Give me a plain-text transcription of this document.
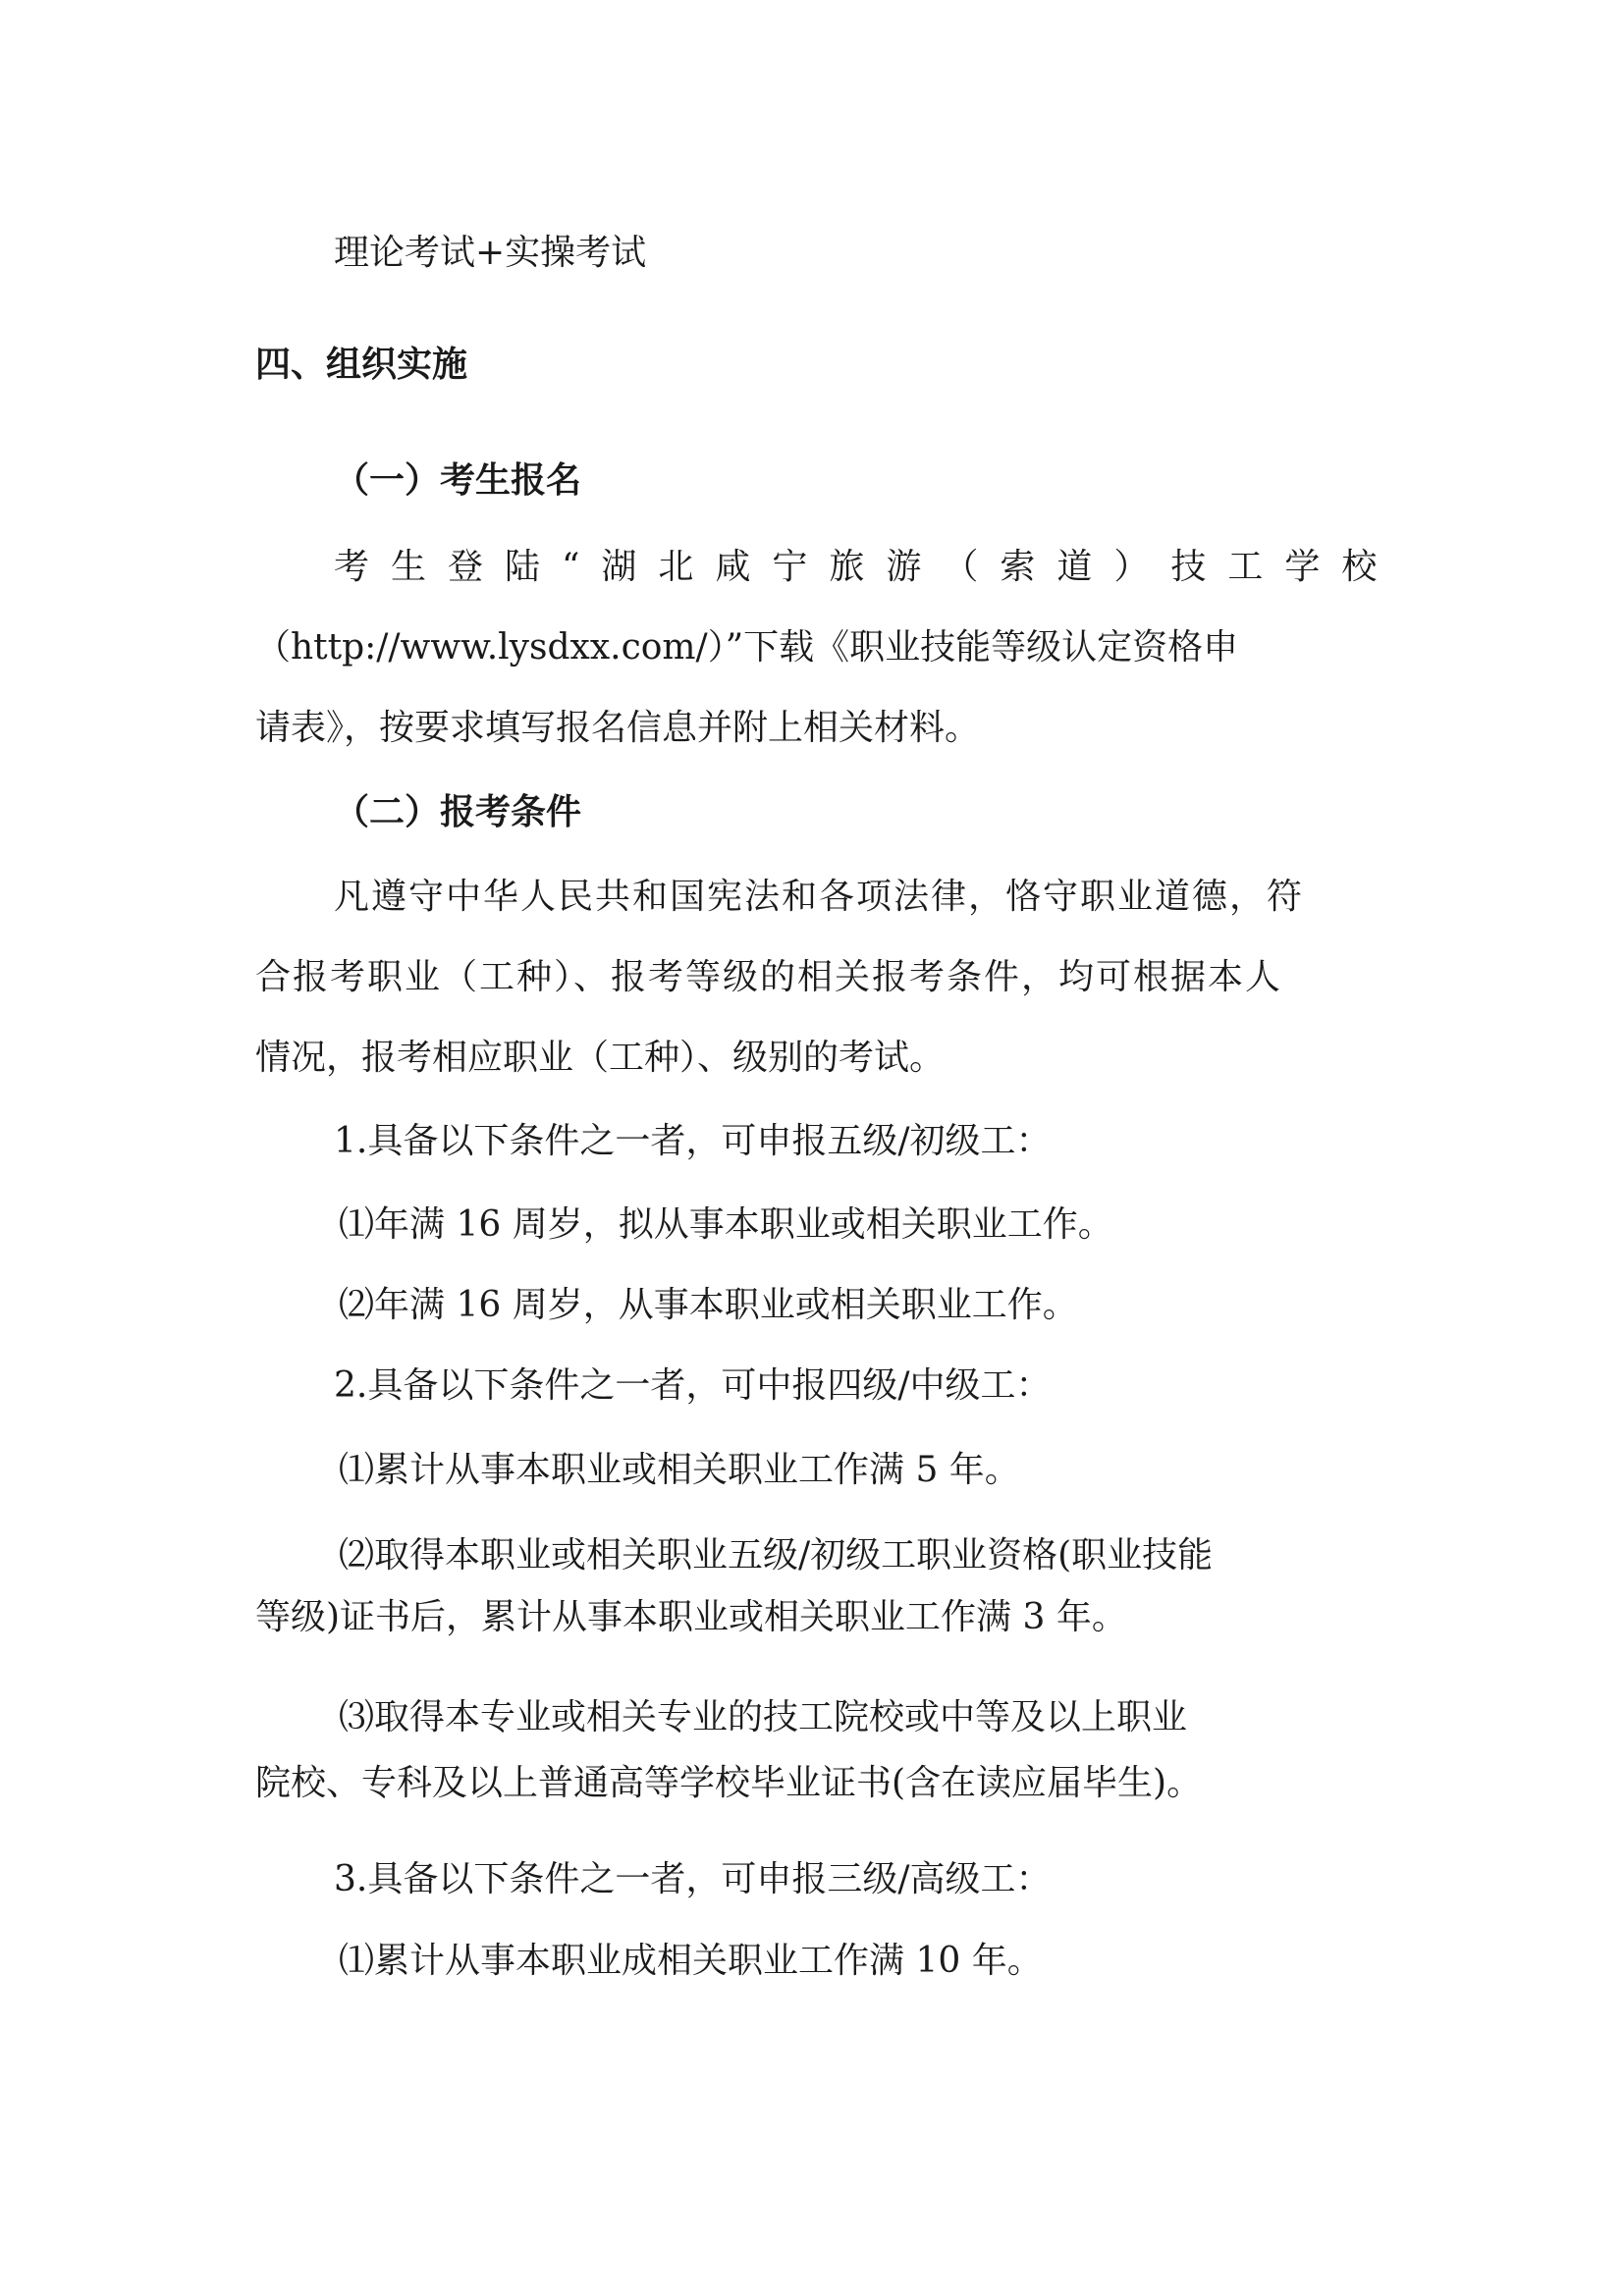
理论考试+实操考试

四、组织实施

（一）考生报名

考生登陆“湖北咸宁旅游（索道）技工学校

（http://www.lysdxx.com/）”下载《职业技能等级认定资格申

请表》，按要求填写报名信息并附上相关材料。

（二）报考条件

凡遵守中华人民共和国宪法和各项法律，恪守职业道德，符

合报考职业（工种）、报考等级的相关报考条件，均可根据本人

情况，报考相应职业（工种）、级别的考试。

1.具备以下条件之一者，可申报五级/初级工：

⑴年满 16 周岁，拟从事本职业或相关职业工作。

⑵年满 16 周岁，从事本职业或相关职业工作。

2.具备以下条件之一者，可中报四级/中级工：

⑴累计从事本职业或相关职业工作满 5 年。

⑵取得本职业或相关职业五级/初级工职业资格(职业技能

等级)证书后，累计从事本职业或相关职业工作满 3 年。

⑶取得本专业或相关专业的技工院校或中等及以上职业

院校、专科及以上普通高等学校毕业证书(含在读应届毕生)。

3.具备以下条件之一者，可申报三级/高级工：

⑴累计从事本职业成相关职业工作满 10 年。
